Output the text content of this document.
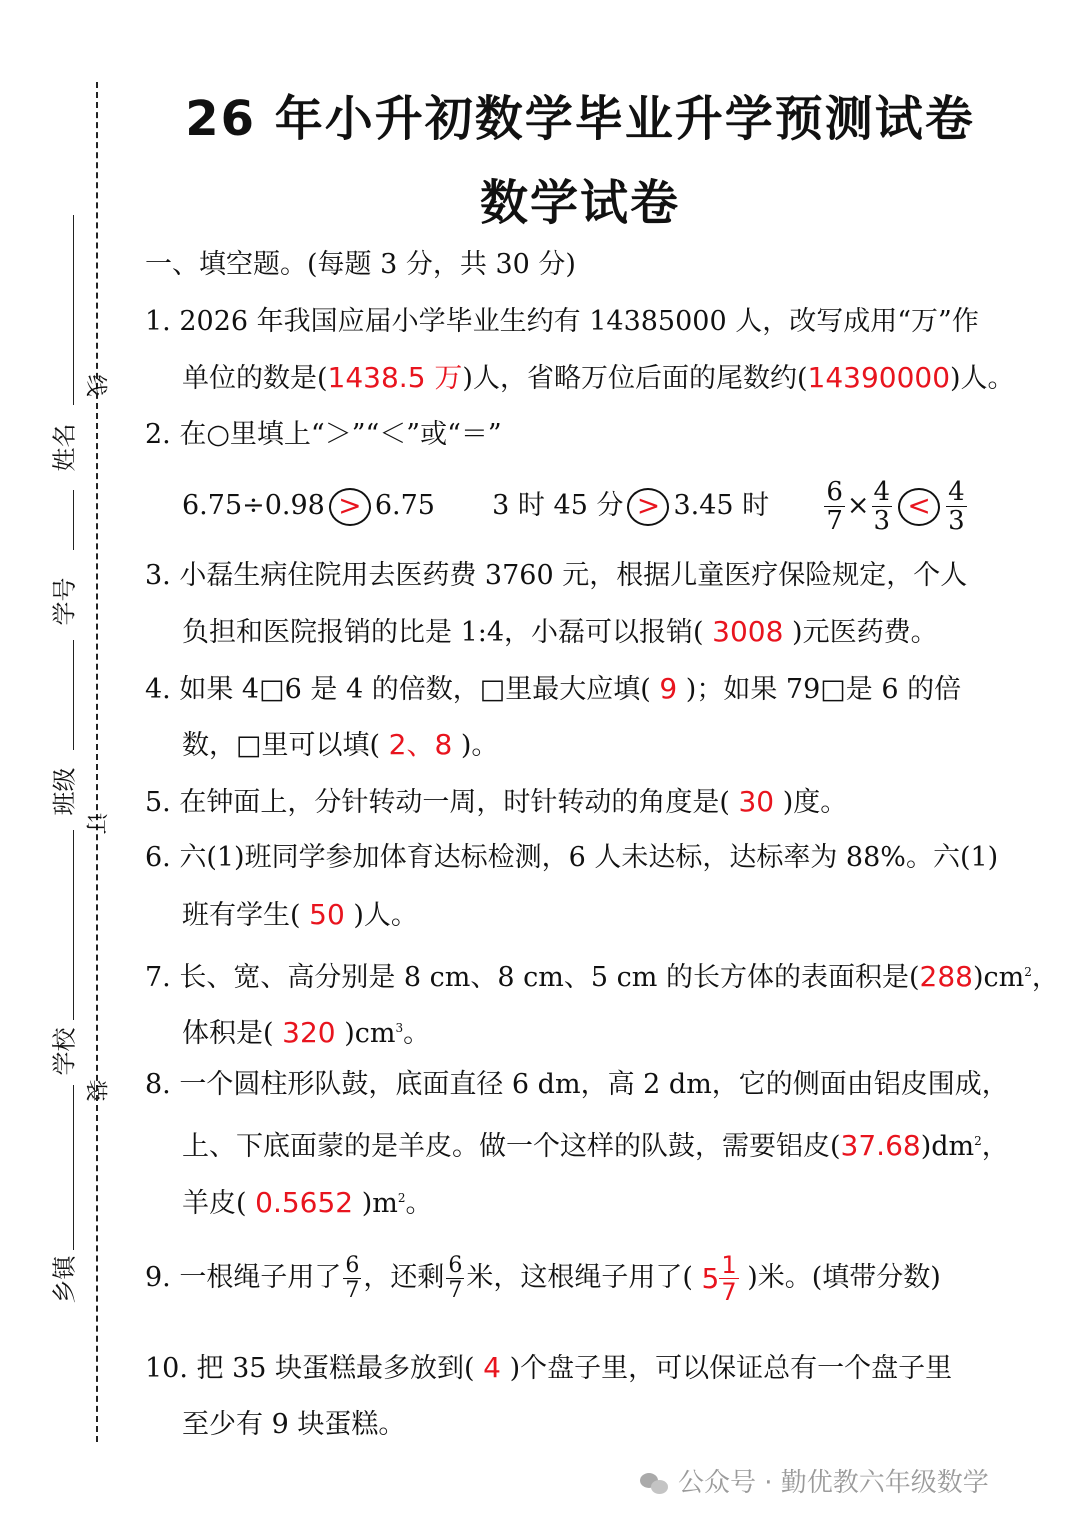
姓名
学号
班级
学校
乡镇
线
订
装
26 年小升初数学毕业升学预测试卷
数学试卷
一、填空题。(每题 3 分，共 30 分)
1. 2026 年我国应届小学毕业生约有 14385000 人，改写成用“万”作
单位的数是(1438.5 万)人，省略万位后面的尾数约(14390000)人。
2. 在○里填上“＞”“＜”或“＝”
6.75÷0.98 > 6.75 3 时 45 分 > 3.45 时 $\frac{6}{7} \times \frac{4}{3} < \frac{4}{3}$
3. 小磊生病住院用去医药费 3760 元，根据儿童医疗保险规定，个人
负担和医院报销的比是 1:4，小磊可以报销( 3008 )元医药费。
4. 如果 4□6 是 4 的倍数，□里最大应填( 9 )；如果 79□是 6 的倍
数，□里可以填( 2、8 )。
5. 在钟面上，分针转动一周，时针转动的角度是( 30 )度。
6. 六(1)班同学参加体育达标检测，6 人未达标，达标率为 88%。六(1)
班有学生( 50 )人。
7. 长、宽、高分别是 8 cm、8 cm、5 cm 的长方体的表面积是$(288)cm^2$，
体积是( 320 )$cm^3$。
8. 一个圆柱形队鼓，底面直径 6 dm，高 2 dm，它的侧面由铝皮围成，
上、下底面蒙的是羊皮。做一个这样的队鼓，需要铝皮$(37.68)dm^2$，
羊皮( 0.5652 )$m^2$。
9. 一根绳子用了 $\frac{6}{7}$ ，还剩 $\frac{6}{7}$ 米，这根绳子用了( 5 1
7 )米。(填带分数)
10. 把 35 块蛋糕最多放到( 4 )个盘子里，可以保证总有一个盘子里
至少有 9 块蛋糕。
公众号 · 勤优教六年级数学
